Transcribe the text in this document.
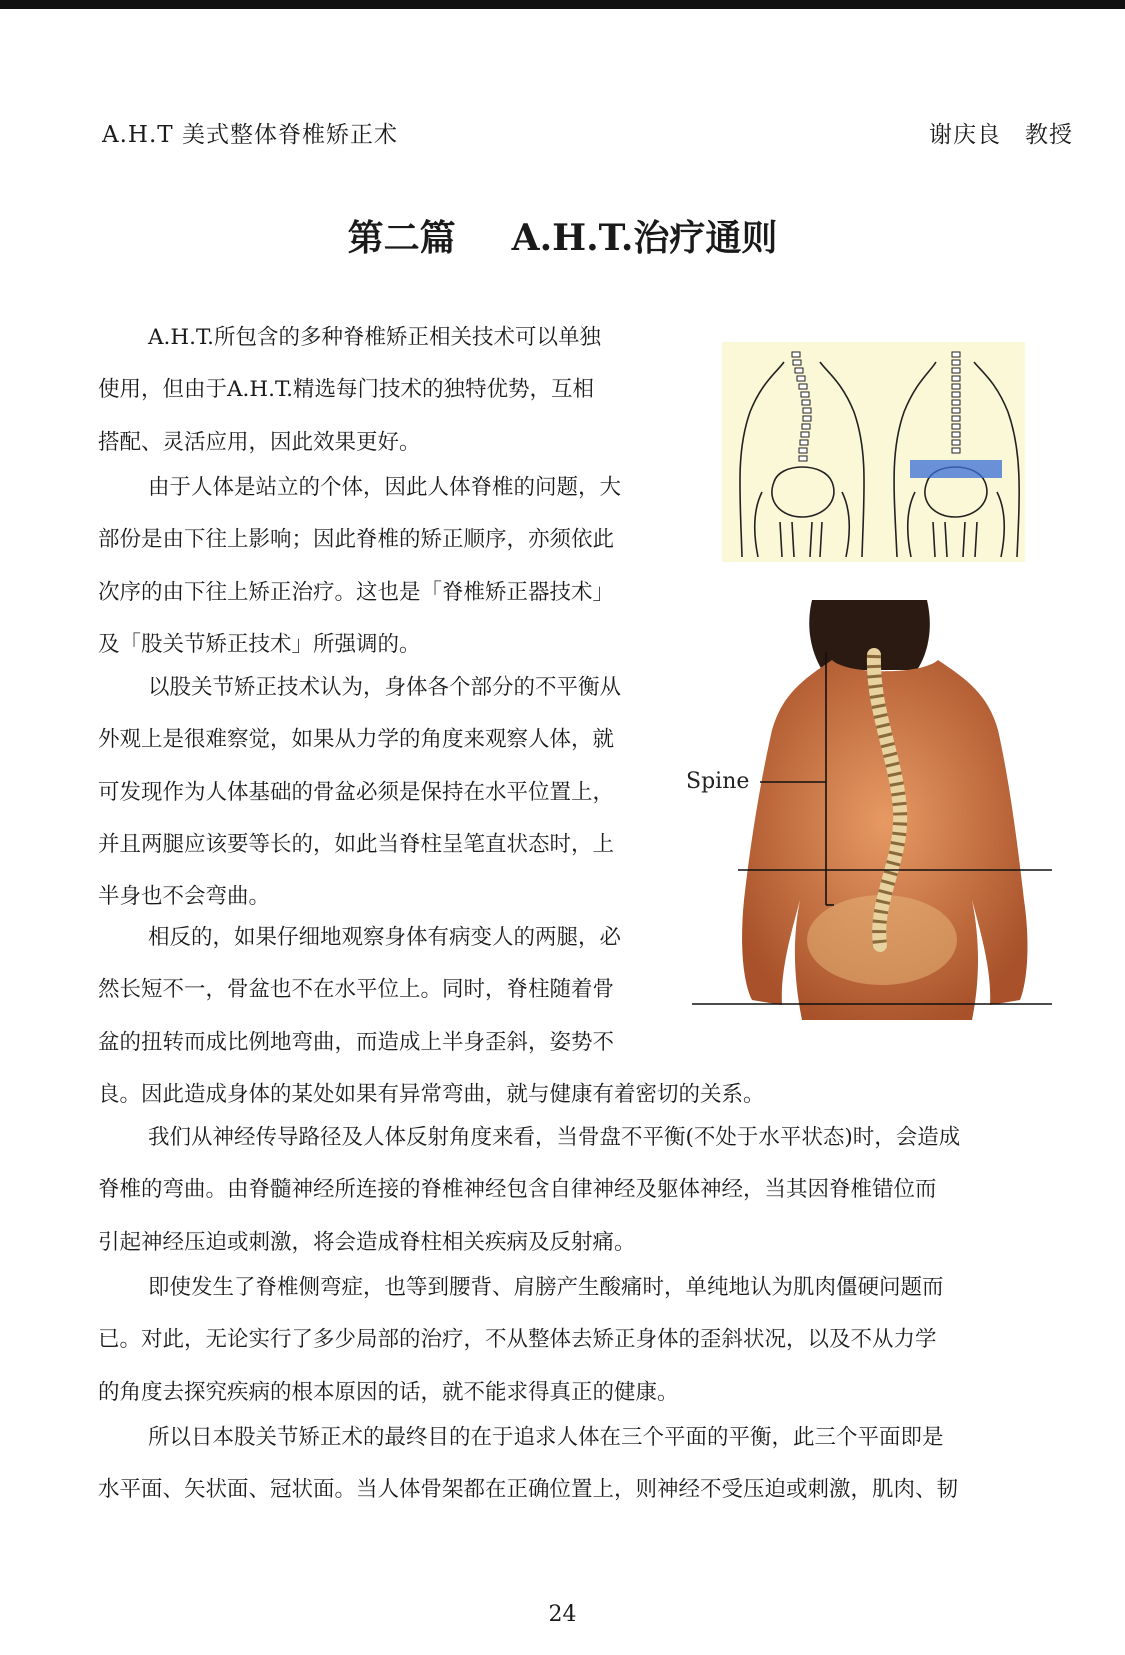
A.H.T 美式整体脊椎矫正术	谢庆良　教授
第二篇 A.H.T.治疗通则
A.H.T.所包含的多种脊椎矫正相关技术可以单独
使用，但由于A.H.T.精选每门技术的独特优势，互相
搭配、灵活应用，因此效果更好。
由于人体是站立的个体，因此人体脊椎的问题，大
部份是由下往上影响；因此脊椎的矫正顺序，亦须依此
次序的由下往上矫正治疗。这也是「脊椎矫正器技术」
及「股关节矫正技术」所强调的。
以股关节矫正技术认为，身体各个部分的不平衡从
外观上是很难察觉，如果从力学的角度来观察人体，就
可发现作为人体基础的骨盆必须是保持在水平位置上，
并且两腿应该要等长的，如此当脊柱呈笔直状态时，上
半身也不会弯曲。
相反的，如果仔细地观察身体有病变人的两腿，必
然长短不一，骨盆也不在水平位上。同时，脊柱随着骨
盆的扭转而成比例地弯曲，而造成上半身歪斜，姿势不
良。因此造成身体的某处如果有异常弯曲，就与健康有着密切的关系。
我们从神经传导路径及人体反射角度来看，当骨盘不平衡(不处于水平状态)时，会造成
脊椎的弯曲。由脊髓神经所连接的脊椎神经包含自律神经及躯体神经，当其因脊椎错位而
引起神经压迫或刺激，将会造成脊柱相关疾病及反射痛。
即使发生了脊椎侧弯症，也等到腰背、肩膀产生酸痛时，单纯地认为肌肉僵硬问题而
已。对此，无论实行了多少局部的治疗，不从整体去矫正身体的歪斜状况，以及不从力学
的角度去探究疾病的根本原因的话，就不能求得真正的健康。
所以日本股关节矫正术的最终目的在于追求人体在三个平面的平衡，此三个平面即是
水平面、矢状面、冠状面。当人体骨架都在正确位置上，则神经不受压迫或刺激，肌肉、韧
Spine
24
